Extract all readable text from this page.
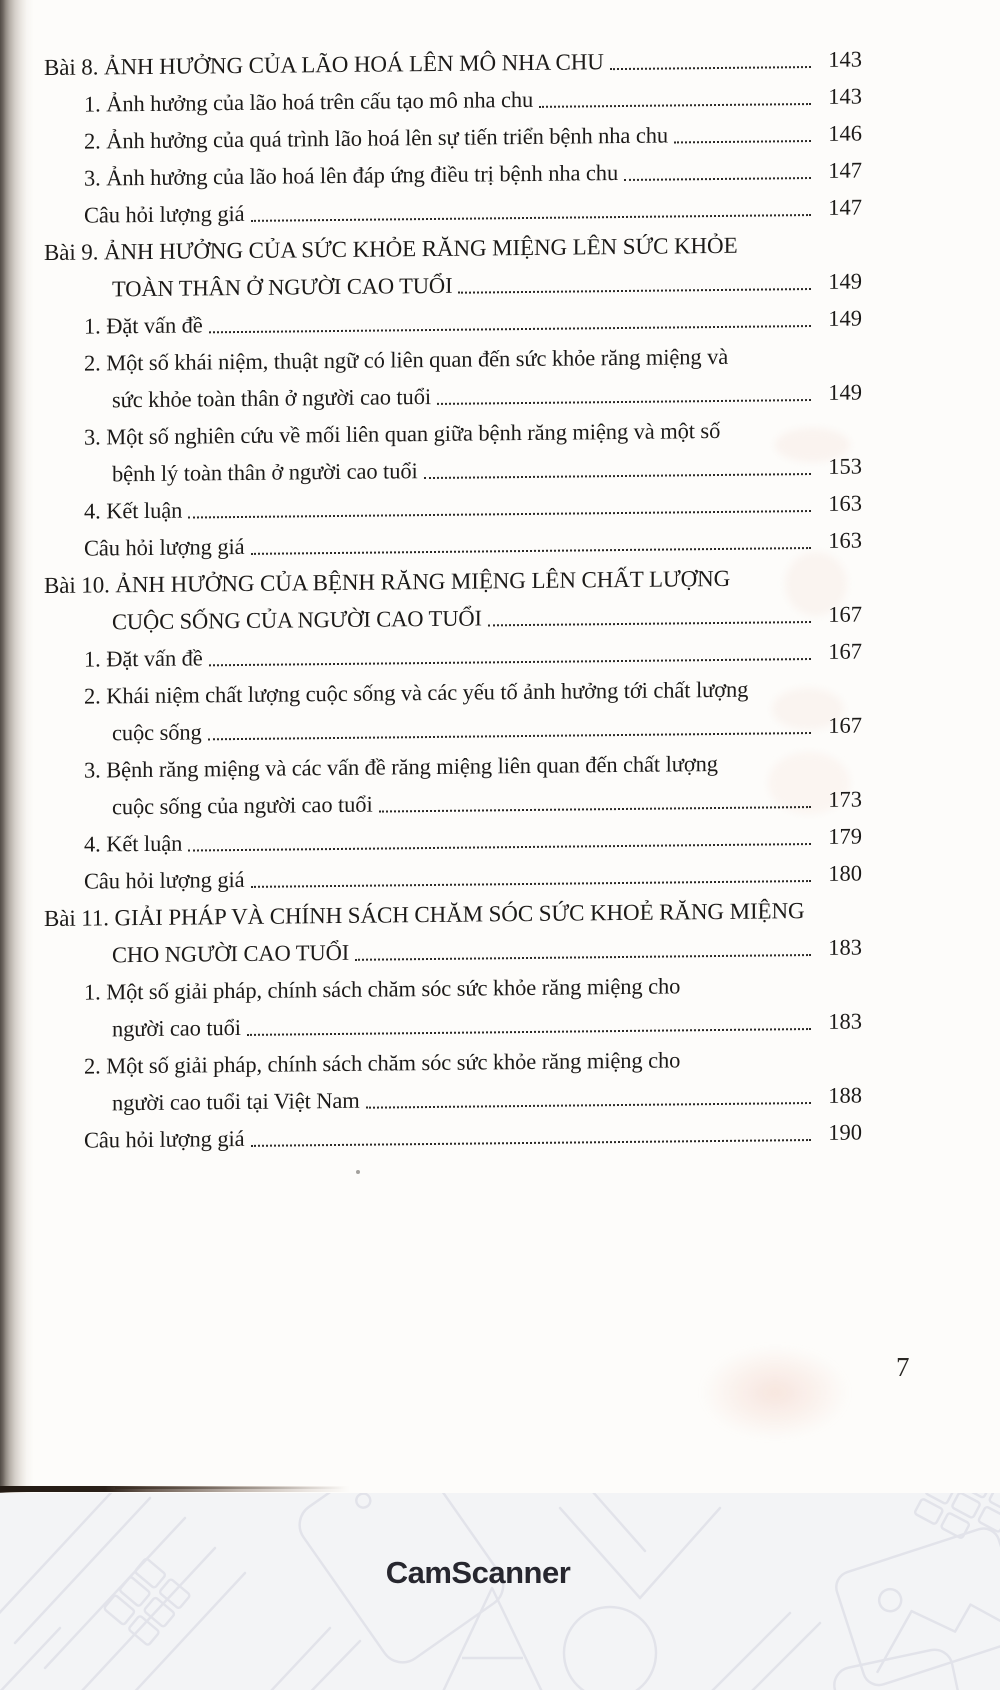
Bài 8. ẢNH HƯỞNG CỦA LÃO HOÁ LÊN MÔ NHA CHU	143
1. Ảnh hưởng của lão hoá trên cấu tạo mô nha chu	143
2. Ảnh hưởng của quá trình lão hoá lên sự tiến triển bệnh nha chu	146
3. Ảnh hưởng của lão hoá lên đáp ứng điều trị bệnh nha chu	147
Câu hỏi lượng giá	147
Bài 9. ẢNH HƯỞNG CỦA SỨC KHỎE RĂNG MIỆNG LÊN SỨC KHỎE
TOÀN THÂN Ở NGƯỜI CAO TUỔI	149
1. Đặt vấn đề	149
2. Một số khái niệm, thuật ngữ có liên quan đến sức khỏe răng miệng và
sức khỏe toàn thân ở người cao tuổi	149
3. Một số nghiên cứu về mối liên quan giữa bệnh răng miệng và một số
bệnh lý toàn thân ở người cao tuổi	153
4. Kết luận	163
Câu hỏi lượng giá	163
Bài 10. ẢNH HƯỞNG CỦA BỆNH RĂNG MIỆNG LÊN CHẤT LƯỢNG
CUỘC SỐNG CỦA NGƯỜI CAO TUỔI	167
1. Đặt vấn đề	167
2. Khái niệm chất lượng cuộc sống và các yếu tố ảnh hưởng tới chất lượng
cuộc sống	167
3. Bệnh răng miệng và các vấn đề răng miệng liên quan đến chất lượng
cuộc sống của người cao tuổi	173
4. Kết luận	179
Câu hỏi lượng giá	180
Bài 11. GIẢI PHÁP VÀ CHÍNH SÁCH CHĂM SÓC SỨC KHOẺ RĂNG MIỆNG
CHO NGƯỜI CAO TUỔI	183
1. Một số giải pháp, chính sách chăm sóc sức khỏe răng miệng cho
người cao tuổi	183
2. Một số giải pháp, chính sách chăm sóc sức khỏe răng miệng cho
người cao tuổi tại Việt Nam	188
Câu hỏi lượng giá	190
7
CamScanner
